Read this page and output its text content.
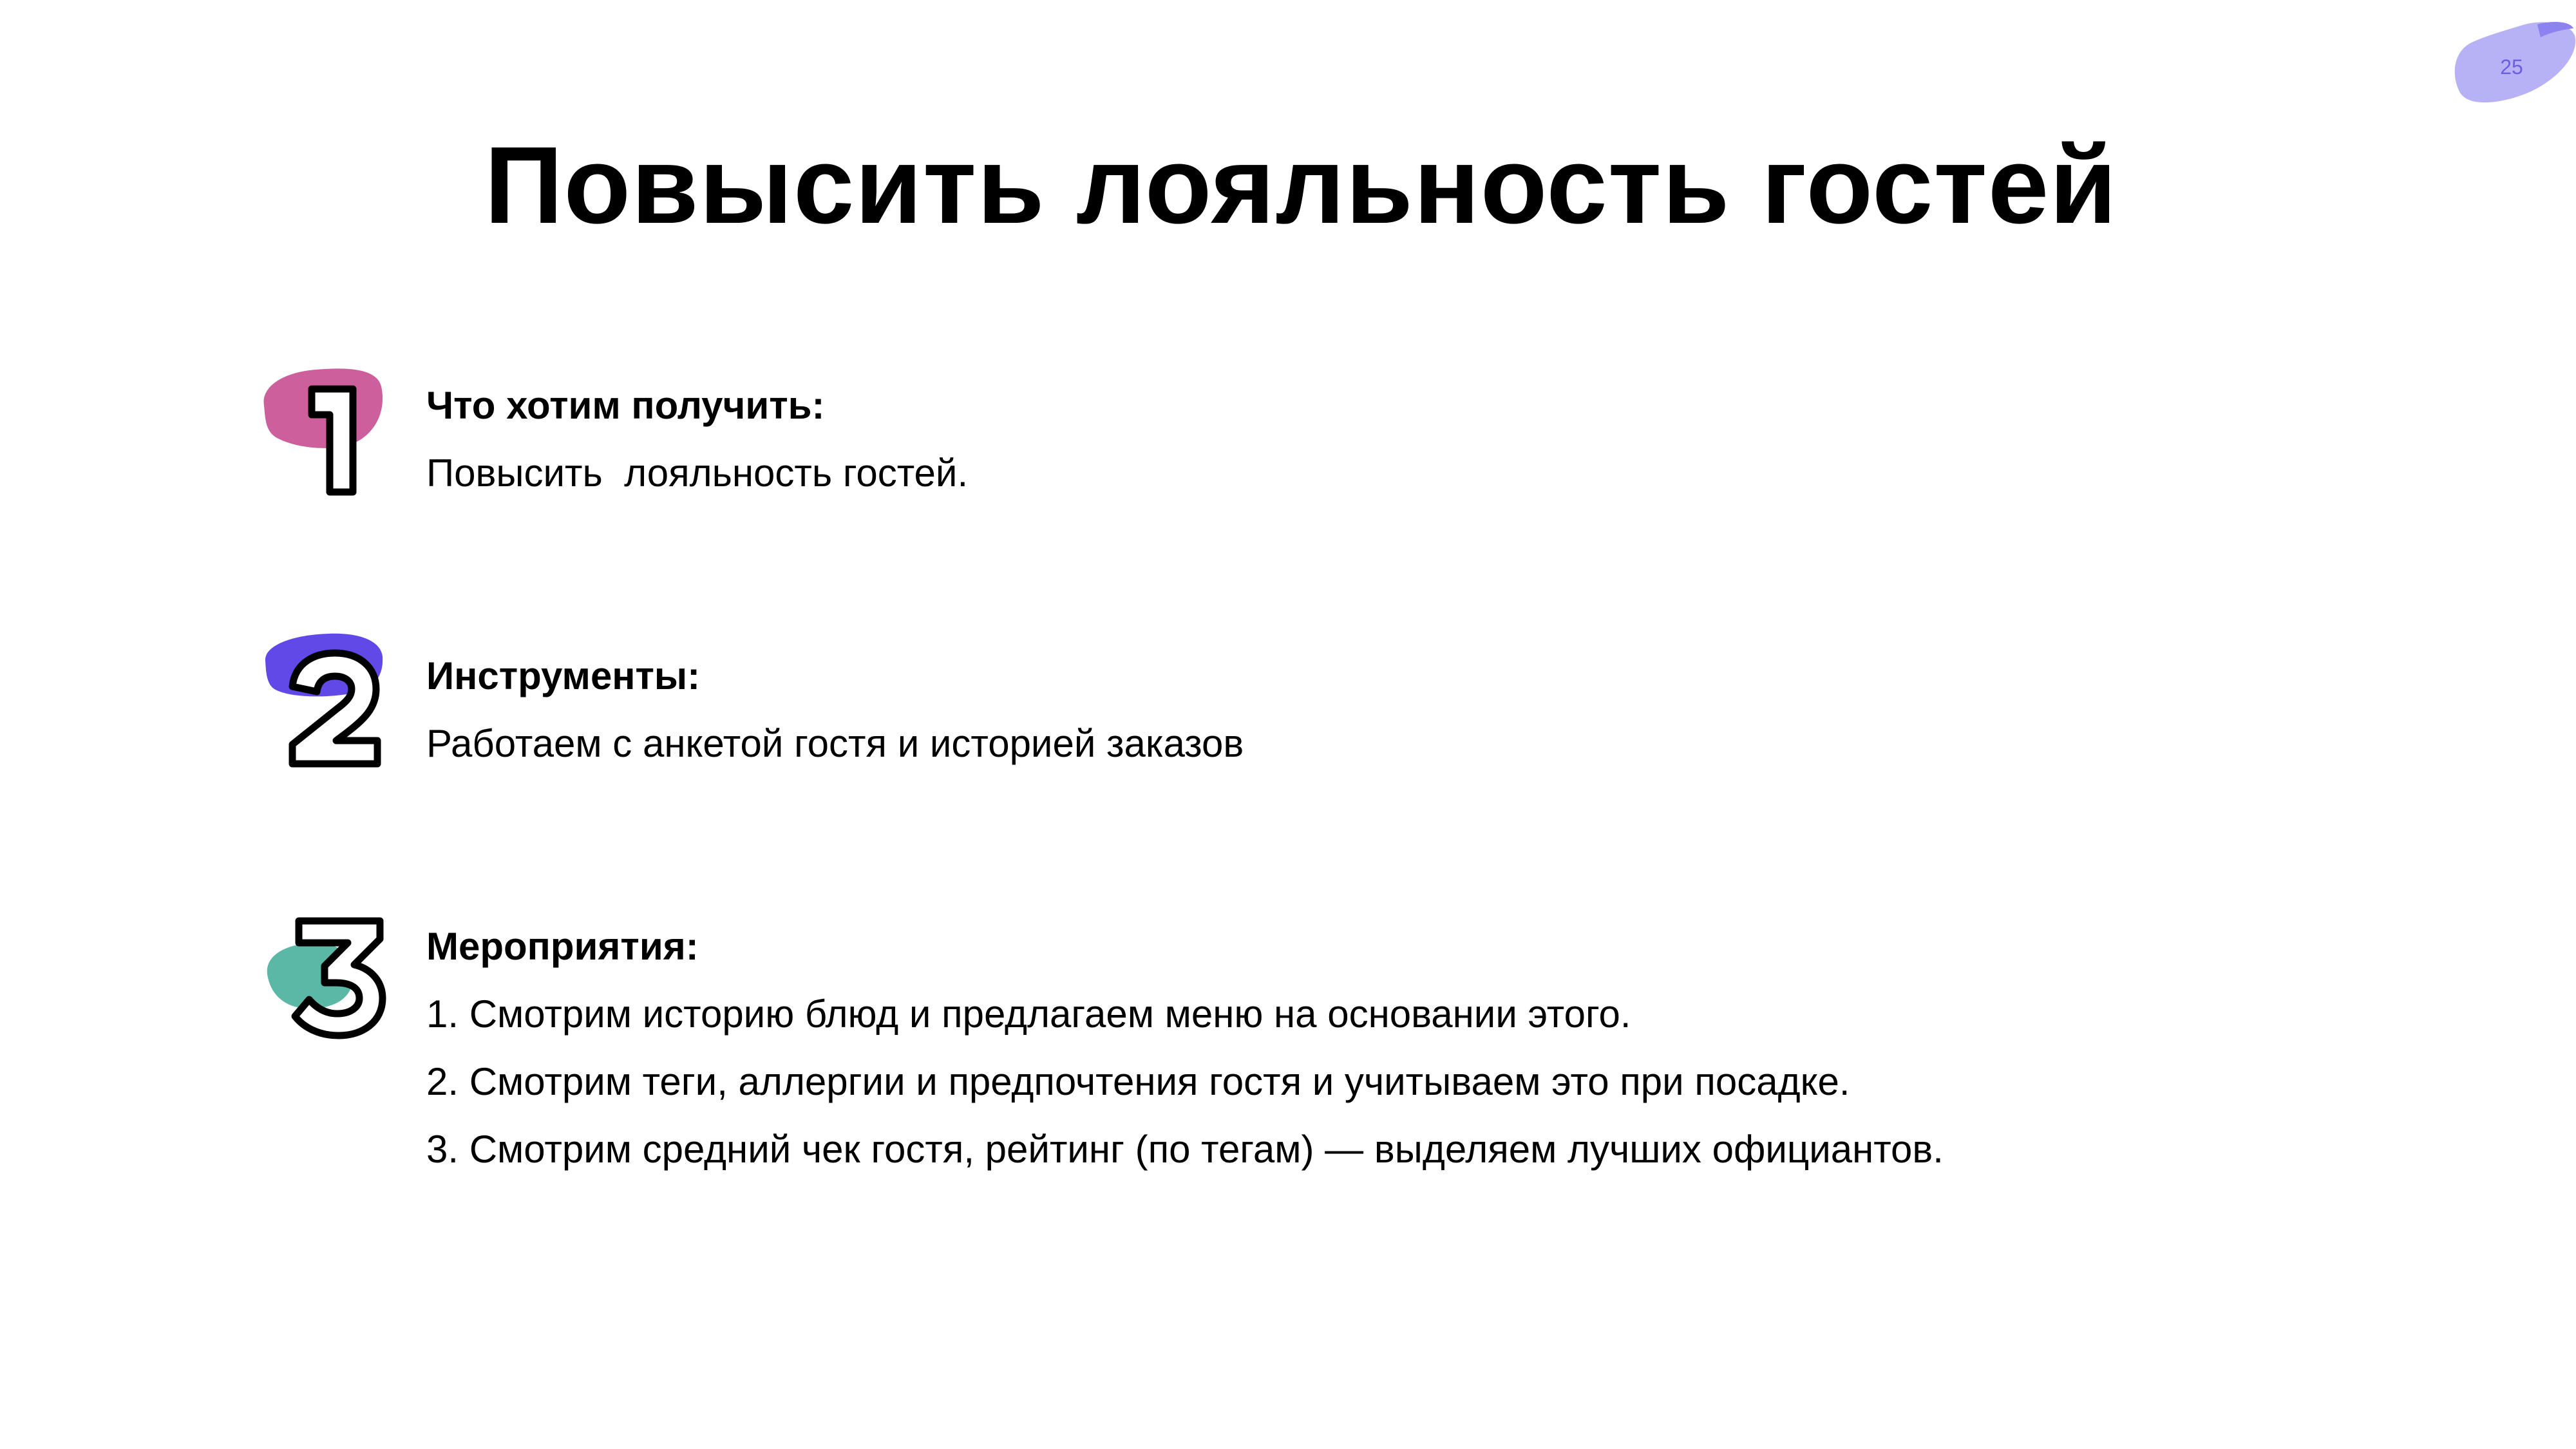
25
Повысить лояльность гостей

Что хотим получить:

Повысить  лояльность гостей.

Инструменты:

Работаем с анкетой гостя и историей заказов

Мероприятия:

1. Смотрим историю блюд и предлагаем меню на основании этого.

2. Смотрим теги, аллергии и предпочтения гостя и учитываем это при посадке.

3. Смотрим средний чек гостя, рейтинг (по тегам) — выделяем лучших официантов.
